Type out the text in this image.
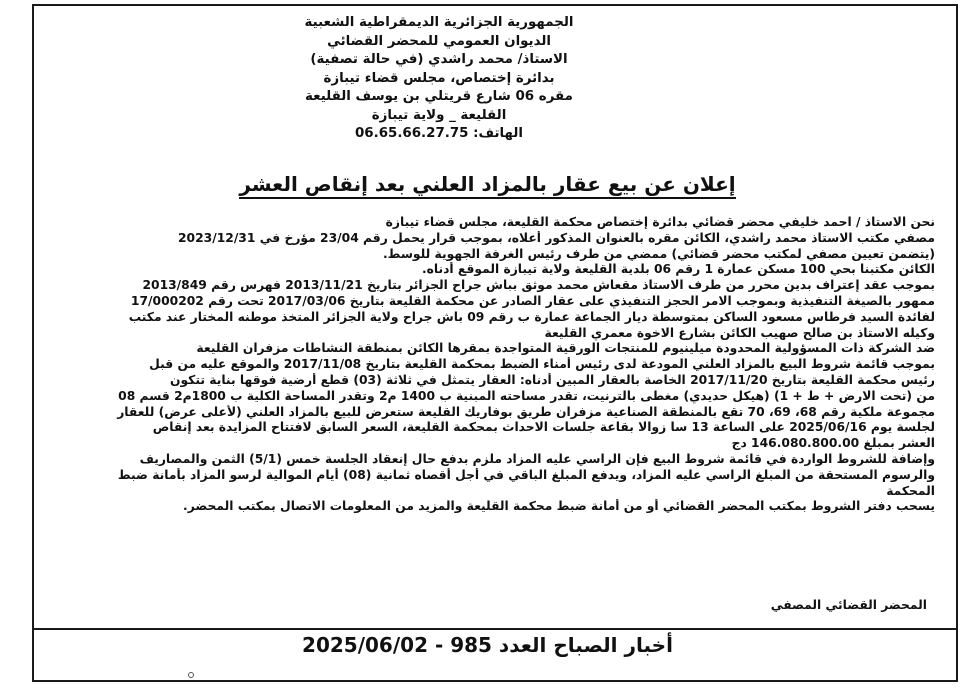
الجمهورية الجزائرية الديمقراطية الشعبية
الديوان العمومي للمحضر القضائي
الاستاذ/ محمد راشدي (في حالة تصفية)
بدائرة إختصاص، مجلس قضاء تيبازة
مقره 06 شارع قريتلي بن يوسف القليعة
القليعة _ ولاية تيبازة
الهاتف: 06.65.66.27.75
إعلان عن بيع عقار بالمزاد العلني بعد إنقاص العشر

نحن الاستاذ / احمد خليفي محضر قضائي بدائرة إختصاص محكمة القليعة، مجلس قضاء تيبازة

مصفي مكتب الاستاذ محمد راشدي، الكائن مقره بالعنوان المذكور أعلاه، بموجب قرار يحمل رقم 23/04 مؤرخ في 2023/12/31

(يتضمن تعيين مصفي لمكتب محضر قضائي) ممضي من طرف رئيس الغرفة الجهوية للوسط.

الكائن مكتبنا بحي 100 مسكن عمارة 1 رقم 06 بلدية القليعة ولاية تيبازة الموقع أدناه.

بموجب عقد إعتراف بدين محرر من طرف الاستاذ مقعاش محمد موثق بباش جراح الجزائر بتاريخ 2013/11/21 فهرس رقم 2013/849

ممهور بالصيغة التنفيذية وبموجب الامر الحجز التنفيذي على عقار الصادر عن محكمة القليعة بتاريخ 2017/03/06 تحت رقم 17/000202

لفائدة السيد فرطاس مسعود الساكن بمتوسطة ديار الجماعة عمارة ب رقم 09 باش جراح ولاية الجزائر المتخذ موطنه المختار عند مكتب

وكيله الاستاذ بن صالح صهيب الكائن بشارع الاخوة معمري القليعة

ضد الشركة ذات المسؤولية المحدودة ميلينيوم للمنتجات الورقية المتواجدة بمقرها الكائن بمنطقة النشاطات مزفران القليعة

بموجب قائمة شروط البيع بالمزاد العلني المودعة لدى رئيس أمناء الضبط بمحكمة القليعة بتاريخ 2017/11/08 والموقع عليه من قبل

رئيس محكمة القليعة بتاريخ 2017/11/20 الخاصة بالعقار المبين أدناه: العقار يتمثل في ثلاثة (03) قطع أرضية فوقها بناية تتكون

من (تحت الارض + ط + 1) (هيكل حديدي) مغطى بالترنيت، تقدر مساحته المبنية ب 1400 م2 وتقدر المساحة الكلية ب 1800م2 قسم 08

مجموعة ملكية رقم 68، 69، 70 تقع بالمنطقة الصناعية مزفران طريق بوفاريك القليعة ستعرض للبيع بالمزاد العلني (لأعلى عرض) للعقار

لجلسة يوم 2025/06/16 على الساعة 13 سا زوالا بقاعة جلسات الاحداث بمحكمة القليعة، السعر السابق لافتتاح المزايدة بعد إنقاص

العشر بمبلغ 146.080.800.00 دج

وإضافة للشروط الواردة في قائمة شروط البيع فإن الراسي عليه المزاد ملزم بدفع حال إنعقاد الجلسة خمس (5/1) الثمن والمصاريف

والرسوم المستحقة من المبلغ الراسي عليه المزاد، ويدفع المبلغ الباقي في أجل أقصاه ثمانية (08) أيام الموالية لرسو المزاد بأمانة ضبط

المحكمة

يسحب دفتر الشروط بمكتب المحضر القضائي أو من أمانة ضبط محكمة القليعة والمزيد من المعلومات الاتصال بمكتب المحضر.

المحضر القضائي المصفي
أخبار الصباح العدد 985 - 2025/06/02
